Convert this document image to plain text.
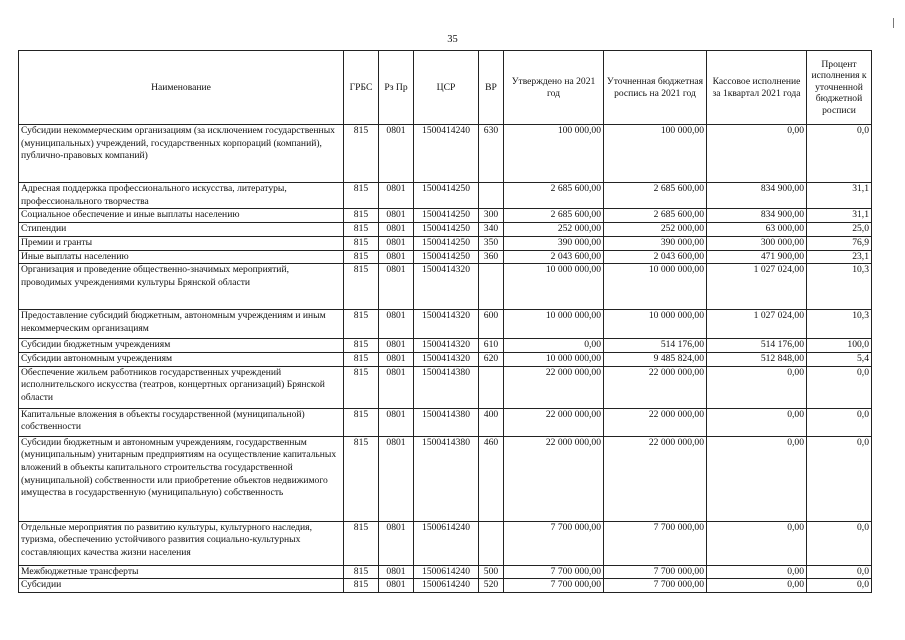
35
Наименование	ГРБС	Рз Пр	ЦСР	ВР	Утверждено на 2021 год	Уточненная бюджетная роспись на 2021 год	Кассовое исполнение за 1квартал 2021 года	Процент исполнения к уточненной бюджетной росписи
Субсидии некоммерческим организациям (за исключением государственных (муниципальных) учреждений, государственных корпораций (компаний), публично-правовых компаний)	815	0801	1500414240	630	100 000,00	100 000,00	0,00	0,0
Адресная поддержка профессионального искусства, литературы, профессионального творчества	815	0801	1500414250		2 685 600,00	2 685 600,00	834 900,00	31,1
Социальное обеспечение и иные выплаты населению	815	0801	1500414250	300	2 685 600,00	2 685 600,00	834 900,00	31,1
Стипендии	815	0801	1500414250	340	252 000,00	252 000,00	63 000,00	25,0
Премии и гранты	815	0801	1500414250	350	390 000,00	390 000,00	300 000,00	76,9
Иные выплаты населению	815	0801	1500414250	360	2 043 600,00	2 043 600,00	471 900,00	23,1
Организация и проведение общественно-значимых мероприятий, проводимых учреждениями культуры Брянской области	815	0801	1500414320		10 000 000,00	10 000 000,00	1 027 024,00	10,3
Предоставление субсидий бюджетным, автономным учреждениям и иным некоммерческим организациям	815	0801	1500414320	600	10 000 000,00	10 000 000,00	1 027 024,00	10,3
Субсидии бюджетным учреждениям	815	0801	1500414320	610	0,00	514 176,00	514 176,00	100,0
Субсидии автономным учреждениям	815	0801	1500414320	620	10 000 000,00	9 485 824,00	512 848,00	5,4
Обеспечение жильем работников государственных учреждений исполнительского искусства (театров, концертных организаций) Брянской области	815	0801	1500414380		22 000 000,00	22 000 000,00	0,00	0,0
Капитальные вложения в объекты государственной (муниципальной) собственности	815	0801	1500414380	400	22 000 000,00	22 000 000,00	0,00	0,0
Субсидии бюджетным и автономным учреждениям, государственным (муниципальным) унитарным предприятиям на осуществление капитальных вложений в объекты капитального строительства государственной (муниципальной) собственности или приобретение объектов недвижимого имущества в государственную (муниципальную) собственность	815	0801	1500414380	460	22 000 000,00	22 000 000,00	0,00	0,0
Отдельные мероприятия по развитию культуры, культурного наследия, туризма, обеспечению устойчивого развития социально-культурных составляющих качества жизни населения	815	0801	1500614240		7 700 000,00	7 700 000,00	0,00	0,0
Межбюджетные трансферты	815	0801	1500614240	500	7 700 000,00	7 700 000,00	0,00	0,0
Субсидии	815	0801	1500614240	520	7 700 000,00	7 700 000,00	0,00	0,0
